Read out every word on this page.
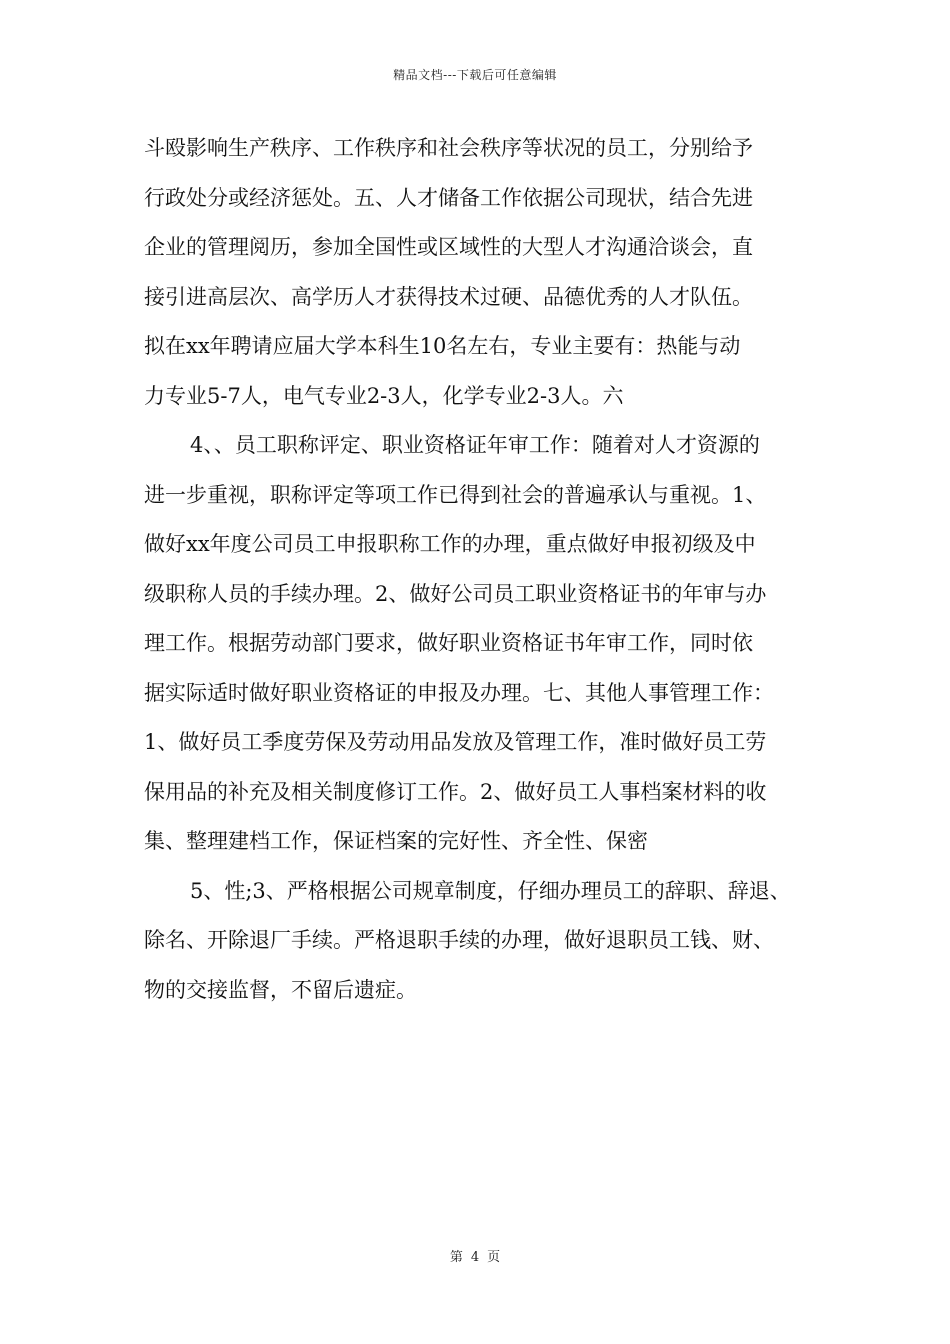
精品文档---下载后可任意编辑
斗殴影响生产秩序、工作秩序和社会秩序等状况的员工，分别给予
行政处分或经济惩处。五、人才储备工作依据公司现状，结合先进
企业的管理阅历，参加全国性或区域性的大型人才沟通洽谈会，直
接引进高层次、高学历人才获得技术过硬、品德优秀的人才队伍。
拟在xx年聘请应届大学本科生10名左右，专业主要有：热能与动
力专业5-7人，电气专业2-3人，化学专业2-3人。六
4、、员工职称评定、职业资格证年审工作：随着对人才资源的
进一步重视，职称评定等项工作已得到社会的普遍承认与重视。1、
做好xx年度公司员工申报职称工作的办理，重点做好申报初级及中
级职称人员的手续办理。2、做好公司员工职业资格证书的年审与办
理工作。根据劳动部门要求，做好职业资格证书年审工作，同时依
据实际适时做好职业资格证的申报及办理。七、其他人事管理工作：
1、做好员工季度劳保及劳动用品发放及管理工作，准时做好员工劳
保用品的补充及相关制度修订工作。2、做好员工人事档案材料的收
集、整理建档工作，保证档案的完好性、齐全性、保密
5、性;3、严格根据公司规章制度，仔细办理员工的辞职、辞退、
除名、开除退厂手续。严格退职手续的办理，做好退职员工钱、财、
物的交接监督，不留后遗症。
第 4 页
